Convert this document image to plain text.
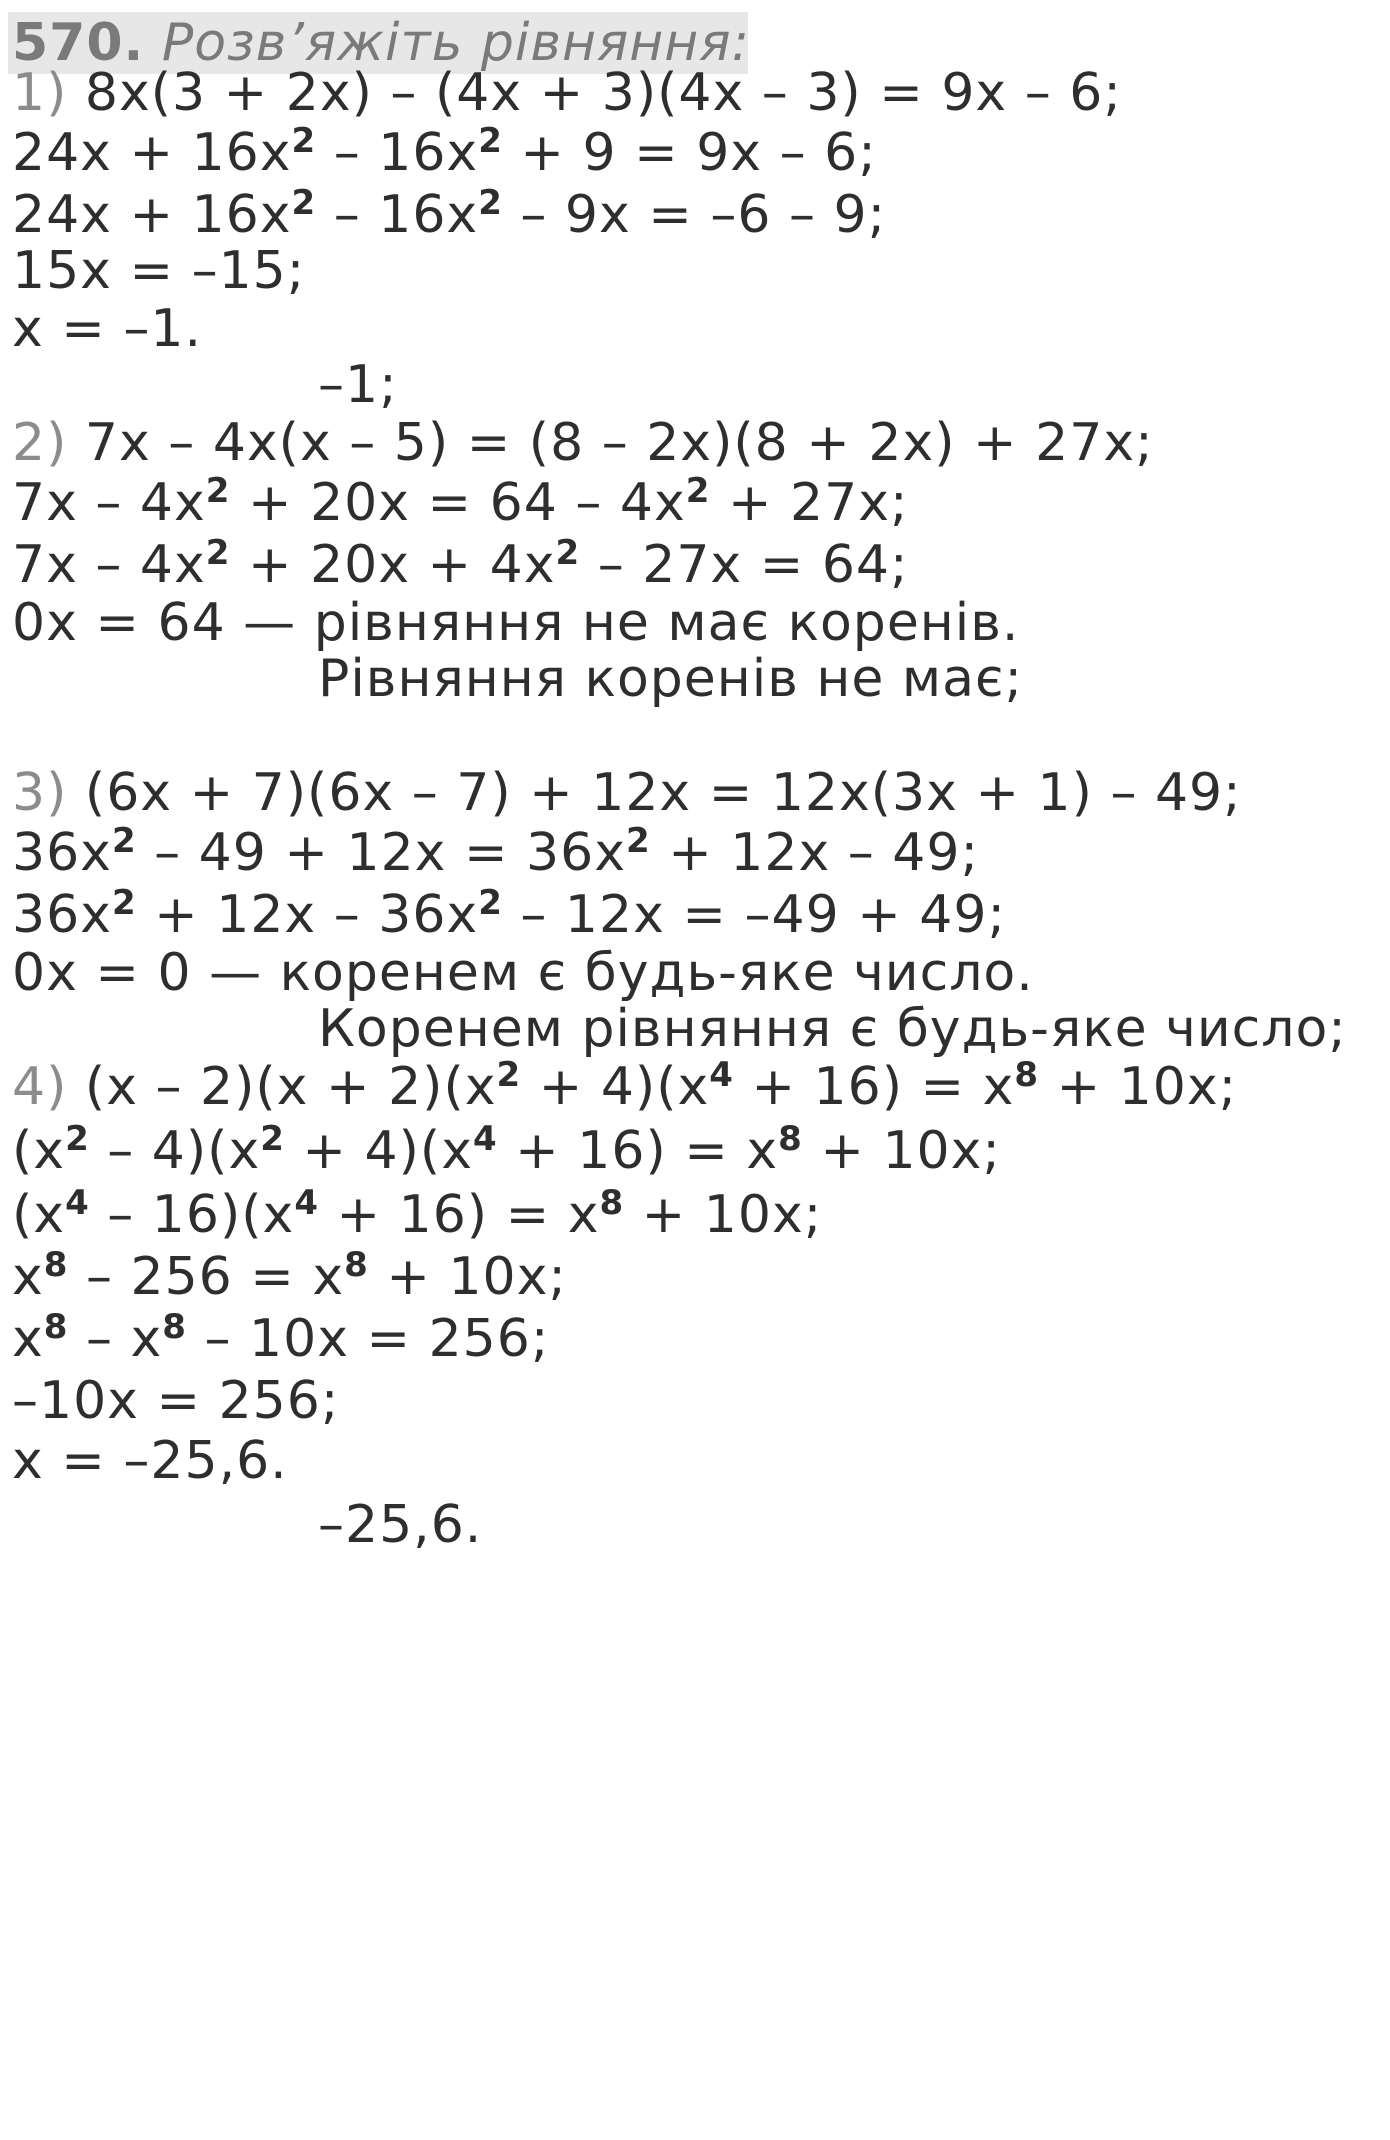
570. Розв’яжіть рівняння:
1) 8x(3 + 2x) – (4x + 3)(4x – 3) = 9x – 6;
$24x + 16x^2 - 16x^2 + 9 = 9x - 6$;
$24x + 16x^2 - 16x^2 - 9x = -6 - 9$;
15x = –15;
x = –1.
–1;
2) 7x – 4x(x – 5) = (8 – 2x)(8 + 2x) + 27x;
$7x - 4x^2 + 20x = 64 - 4x^2 + 27x$;
$7x - 4x^2 + 20x + 4x^2 - 27x = 64$;
0x = 64 — рівняння не має коренів.
Рівняння коренів не має;
3) (6x + 7)(6x – 7) + 12x = 12x(3x + 1) – 49;
$36x^2 - 49 + 12x = 36x^2 + 12x - 49$;
$36x^2 + 12x - 36x^2 - 12x = -49 + 49$;
0x = 0 — коренем є будь-яке число.
Коренем рівняння є будь-яке число;
4) $(x - 2)(x + 2)(x^2 + 4)(x^4 + 16) = x^8 + 10x$;
$(x^2 - 4)(x^2 + 4)(x^4 + 16) = x^8 + 10x$;
$(x^4 - 16)(x^4 + 16) = x^8 + 10x$;
$x^8 - 256 = x^8 + 10x$;
$x^8 - x^8 - 10x = 256$;
–10x = 256;
x = –25,6.
–25,6.
